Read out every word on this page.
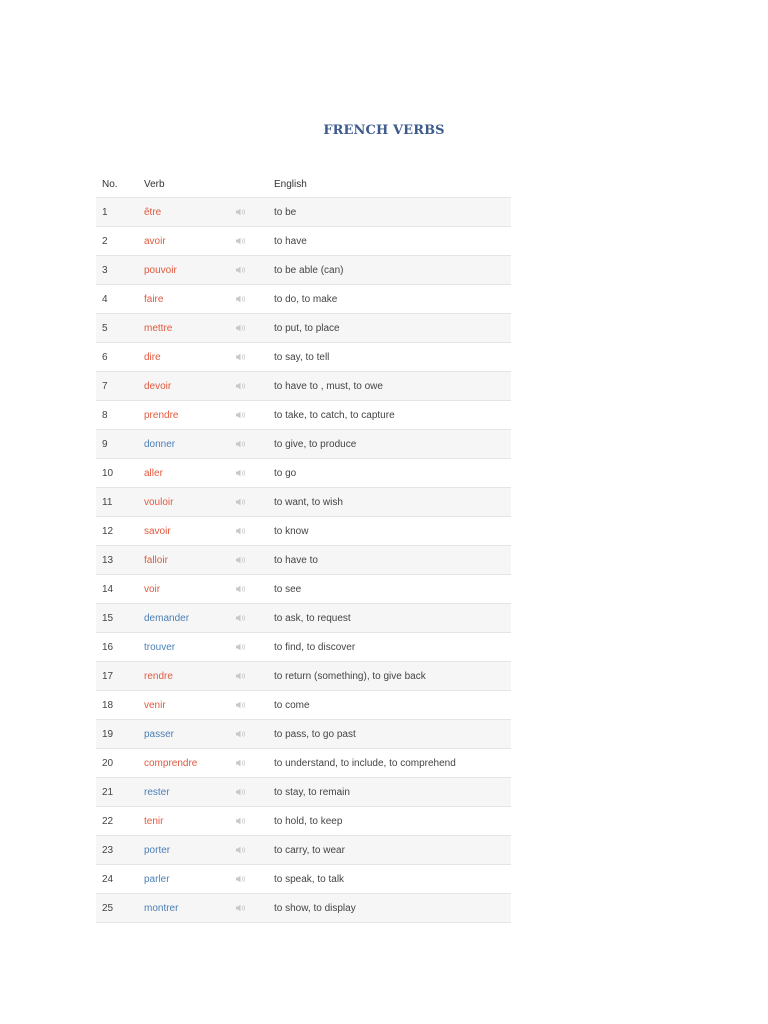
FRENCH VERBS
No.	Verb		English
1	être		to be
2	avoir		to have
3	pouvoir		to be able (can)
4	faire		to do, to make
5	mettre		to put, to place
6	dire		to say, to tell
7	devoir		to have to , must, to owe
8	prendre		to take, to catch, to capture
9	donner		to give, to produce
10	aller		to go
11	vouloir		to want, to wish
12	savoir		to know
13	falloir		to have to
14	voir		to see
15	demander		to ask, to request
16	trouver		to find, to discover
17	rendre		to return (something), to give back
18	venir		to come
19	passer		to pass, to go past
20	comprendre		to understand, to include, to comprehend
21	rester		to stay, to remain
22	tenir		to hold, to keep
23	porter		to carry, to wear
24	parler		to speak, to talk
25	montrer		to show, to display
